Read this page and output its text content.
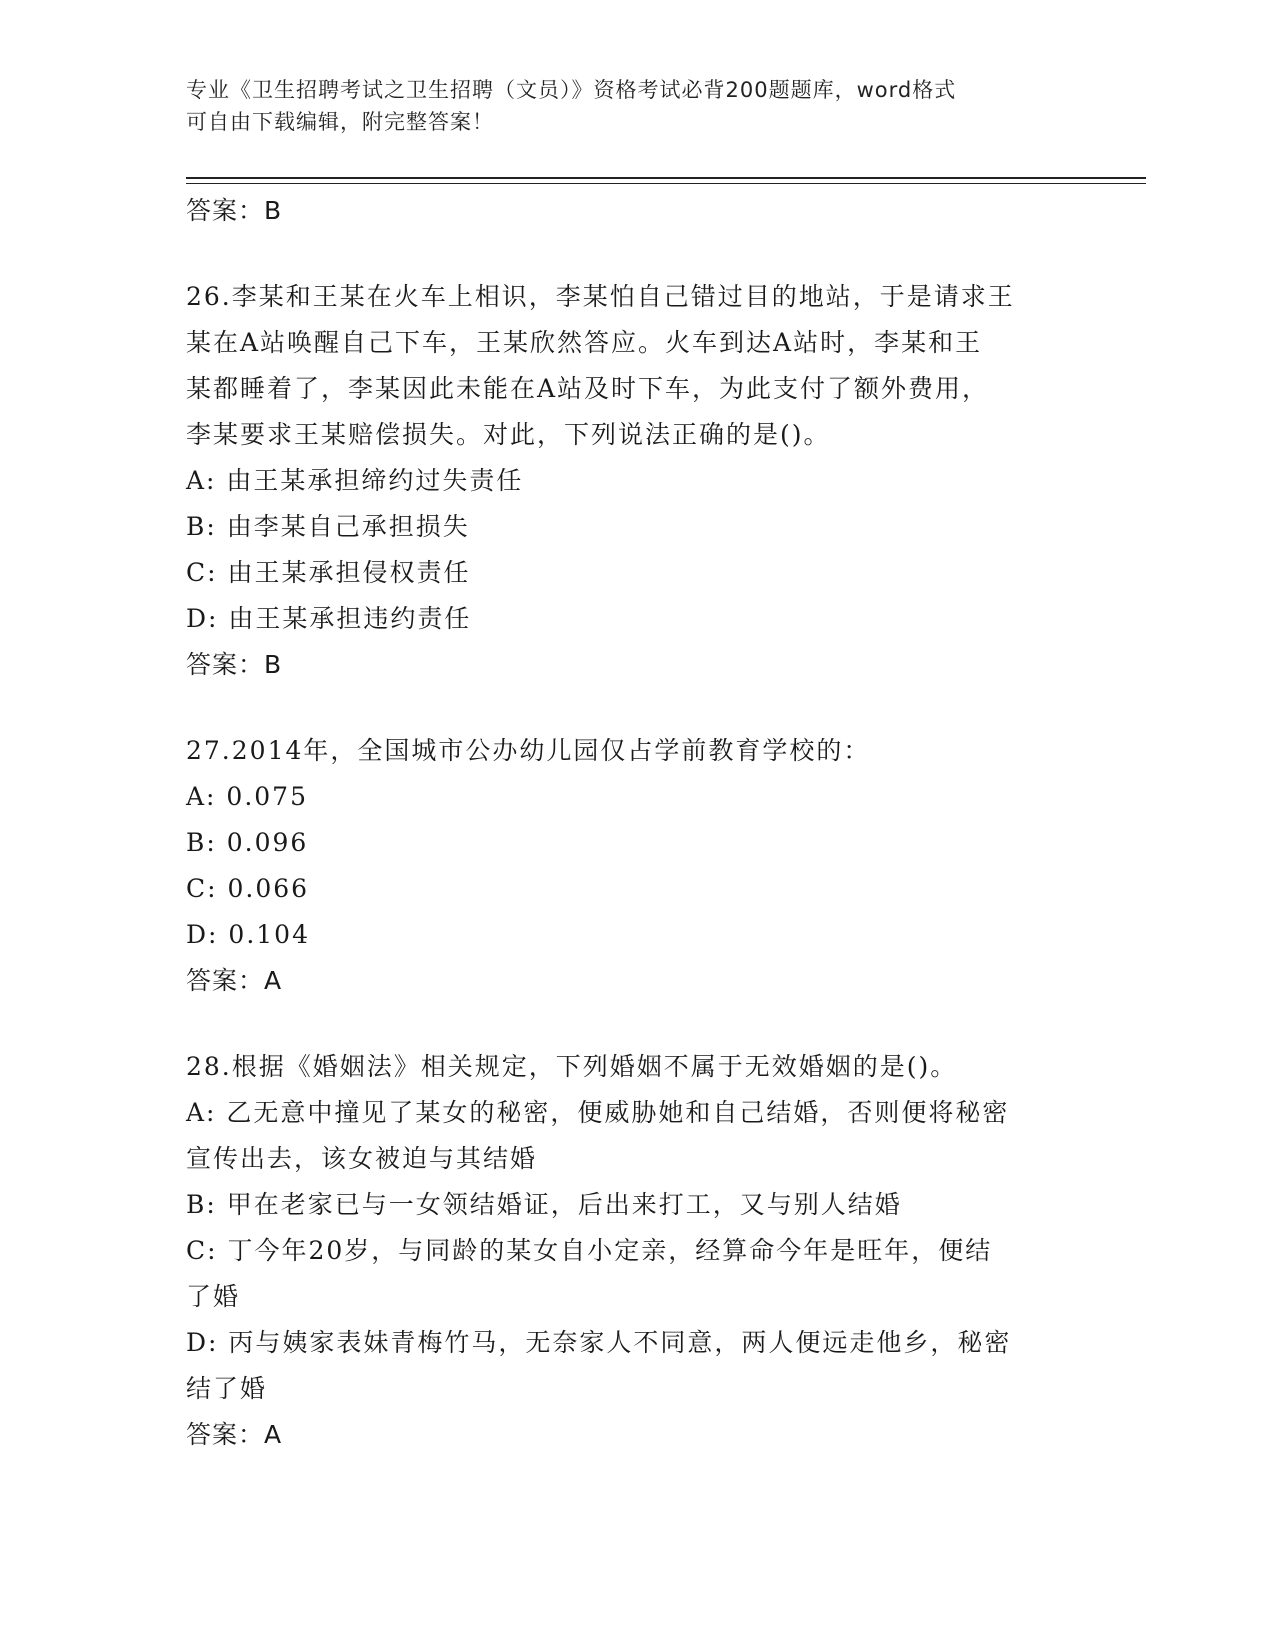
专业《卫生招聘考试之卫生招聘（文员）》资格考试必背200题题库，word格式
可自由下载编辑，附完整答案！

答案：B

26.李某和王某在火车上相识，李某怕自己错过目的地站，于是请求王

某在A站唤醒自己下车，王某欣然答应。火车到达A站时，李某和王

某都睡着了，李某因此未能在A站及时下车，为此支付了额外费用，

李某要求王某赔偿损失。对此，下列说法正确的是()。

A: 由王某承担缔约过失责任

B: 由李某自己承担损失

C: 由王某承担侵权责任

D: 由王某承担违约责任

答案：B

27.2014年，全国城市公办幼儿园仅占学前教育学校的：

A: 0.075

B: 0.096

C: 0.066

D: 0.104

答案：A

28.根据《婚姻法》相关规定，下列婚姻不属于无效婚姻的是()。

A: 乙无意中撞见了某女的秘密，便威胁她和自己结婚，否则便将秘密

宣传出去，该女被迫与其结婚

B: 甲在老家已与一女领结婚证，后出来打工，又与别人结婚

C: 丁今年20岁，与同龄的某女自小定亲，经算命今年是旺年，便结

了婚

D: 丙与姨家表妹青梅竹马，无奈家人不同意，两人便远走他乡，秘密

结了婚

答案：A
